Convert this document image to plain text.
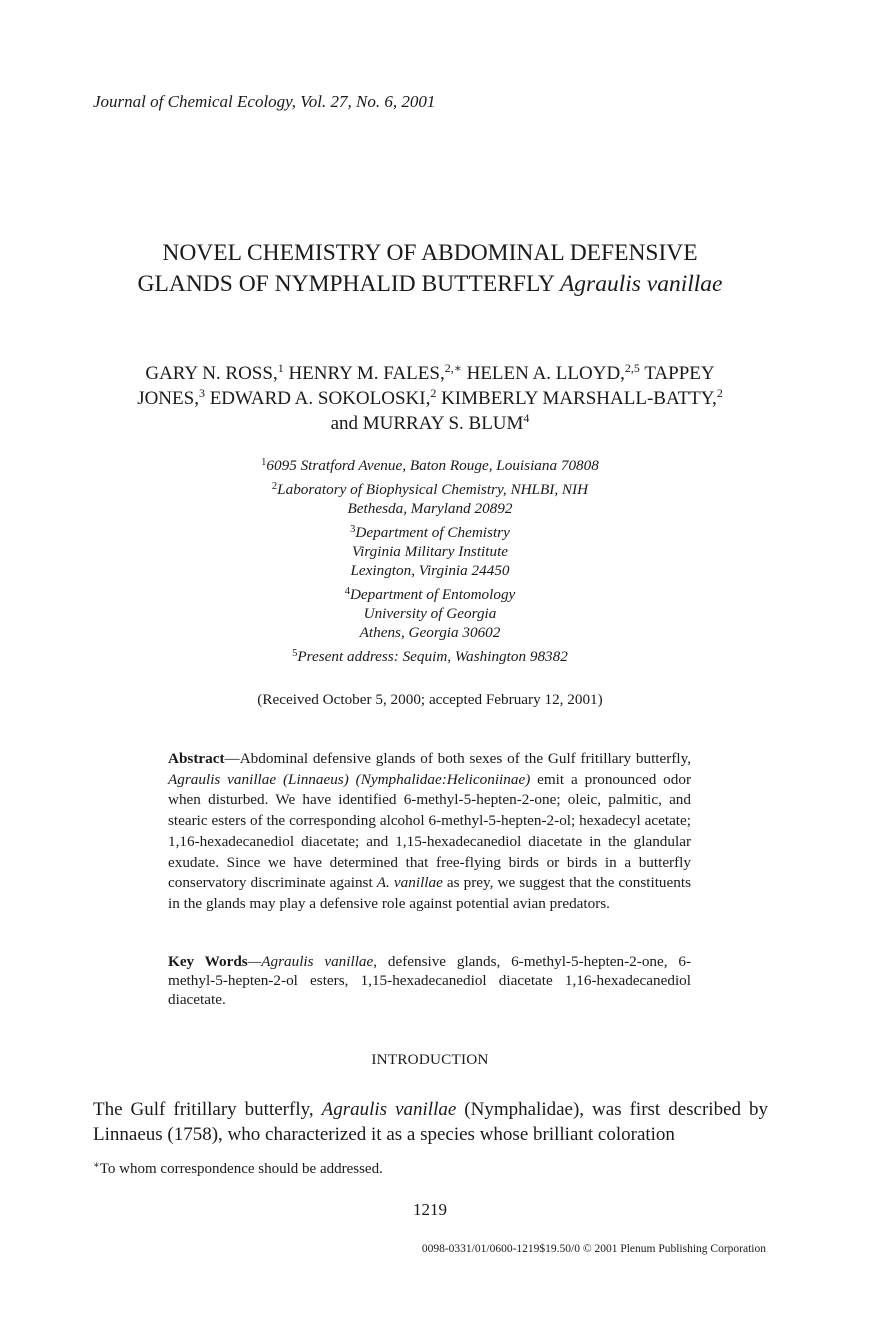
Journal of Chemical Ecology, Vol. 27, No. 6, 2001
NOVEL CHEMISTRY OF ABDOMINAL DEFENSIVE
GLANDS OF NYMPHALID BUTTERFLY Agraulis vanillae
GARY N. ROSS,$^1$ HENRY M. FALES,$^{2,∗}$ HELEN A. LLOYD,$^{2,5}$ TAPPEY
JONES,$^3$ EDWARD A. SOKOLOSKI,$^2$ KIMBERLY MARSHALL-BATTY,$^2$
and MURRAY S. BLUM$^4$
$^1$6095 Stratford Avenue, Baton Rouge, Louisiana 70808
$^2$Laboratory of Biophysical Chemistry, NHLBI, NIH
Bethesda, Maryland 20892
$^3$Department of Chemistry
Virginia Military Institute
Lexington, Virginia 24450
$^4$Department of Entomology
University of Georgia
Athens, Georgia 30602
$^5$Present address: Sequim, Washington 98382
(Received October 5, 2000; accepted February 12, 2001)
Abstract—Abdominal defensive glands of both sexes of the Gulf fritillary butterfly, Agraulis vanillae (Linnaeus) (Nymphalidae:Heliconiinae) emit a pronounced odor when disturbed. We have identified 6-methyl-5-hepten-2-one; oleic, palmitic, and stearic esters of the corresponding alcohol 6-methyl-5-hepten-2-ol; hexadecyl acetate; 1,16-hexadecanediol diacetate; and 1,15-hexadecanediol diacetate in the glandular exudate. Since we have determined that free-flying birds or birds in a butterfly conservatory discriminate against A. vanillae as prey, we suggest that the constituents in the glands may play a defensive role against potential avian predators.
Key Words—Agraulis vanillae, defensive glands, 6-methyl-5-hepten-2-one, 6-methyl-5-hepten-2-ol esters, 1,15-hexadecanediol diacetate 1,16-hexadecanediol diacetate.
INTRODUCTION
The Gulf fritillary butterfly, Agraulis vanillae (Nymphalidae), was first described by Linnaeus (1758), who characterized it as a species whose brilliant coloration
∗To whom correspondence should be addressed.
1219
0098-0331/01/0600-1219$19.50/0 © 2001 Plenum Publishing Corporation
